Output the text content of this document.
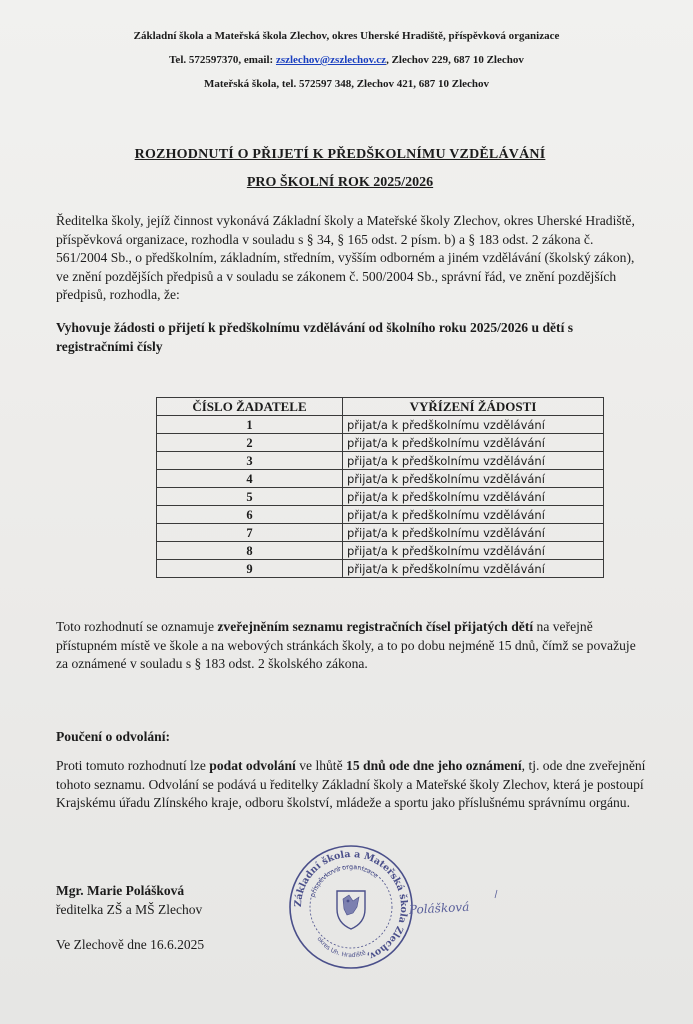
Základní škola a Mateřská škola Zlechov, okres Uherské Hradiště, příspěvková organizace
Tel. 572597370, email: zszlechov@zszlechov.cz, Zlechov 229, 687 10 Zlechov
Mateřská škola, tel. 572597 348, Zlechov 421, 687 10 Zlechov
ROZHODNUTÍ O PŘIJETÍ K PŘEDŠKOLNÍMU VZDĚLÁVÁNÍ
PRO ŠKOLNÍ ROK 2025/2026
Ředitelka školy, jejíž činnost vykonává Základní školy a Mateřské školy Zlechov, okres Uherské Hradiště, příspěvková organizace, rozhodla v souladu s § 34, § 165 odst. 2 písm. b) a § 183 odst. 2 zákona č. 561/2004 Sb., o předškolním, základním, středním, vyšším odborném a jiném vzdělávání (školský zákon), ve znění pozdějších předpisů a v souladu se zákonem č. 500/2004 Sb., správní řád, ve znění pozdějších předpisů, rozhodla, že:
Vyhovuje žádosti o přijetí k předškolnímu vzdělávání od školního roku 2025/2026 u dětí s registračními čísly
ČÍSLO ŽADATELE	VYŘÍZENÍ ŽÁDOSTI
1	přijat/a k předškolnímu vzdělávání
2	přijat/a k předškolnímu vzdělávání
3	přijat/a k předškolnímu vzdělávání
4	přijat/a k předškolnímu vzdělávání
5	přijat/a k předškolnímu vzdělávání
6	přijat/a k předškolnímu vzdělávání
7	přijat/a k předškolnímu vzdělávání
8	přijat/a k předškolnímu vzdělávání
9	přijat/a k předškolnímu vzdělávání
Toto rozhodnutí se oznamuje zveřejněním seznamu registračních čísel přijatých dětí na veřejně přístupném místě ve škole a na webových stránkách školy, a to po dobu nejméně 15 dnů, čímž se považuje za oznámené v souladu s § 183 odst. 2 školského zákona.
Poučení o odvolání:
Proti tomuto rozhodnutí lze podat odvolání ve lhůtě 15 dnů ode dne jeho oznámení, tj. ode dne zveřejnění tohoto seznamu. Odvolání se podává u ředitelky Základní školy a Mateřské školy Zlechov, která je postoupí Krajskému úřadu Zlínského kraje, odboru školství, mládeže a sportu jako příslušnému správnímu orgánu.
Mgr. Marie Polášková
ředitelka ZŠ a MŠ Zlechov
Ve Zlechově dne 16.6.2025
Základní škola a Mateřská škola Zlechov,
příspěvková organizace
okres Uh. Hradiště
Polášková
